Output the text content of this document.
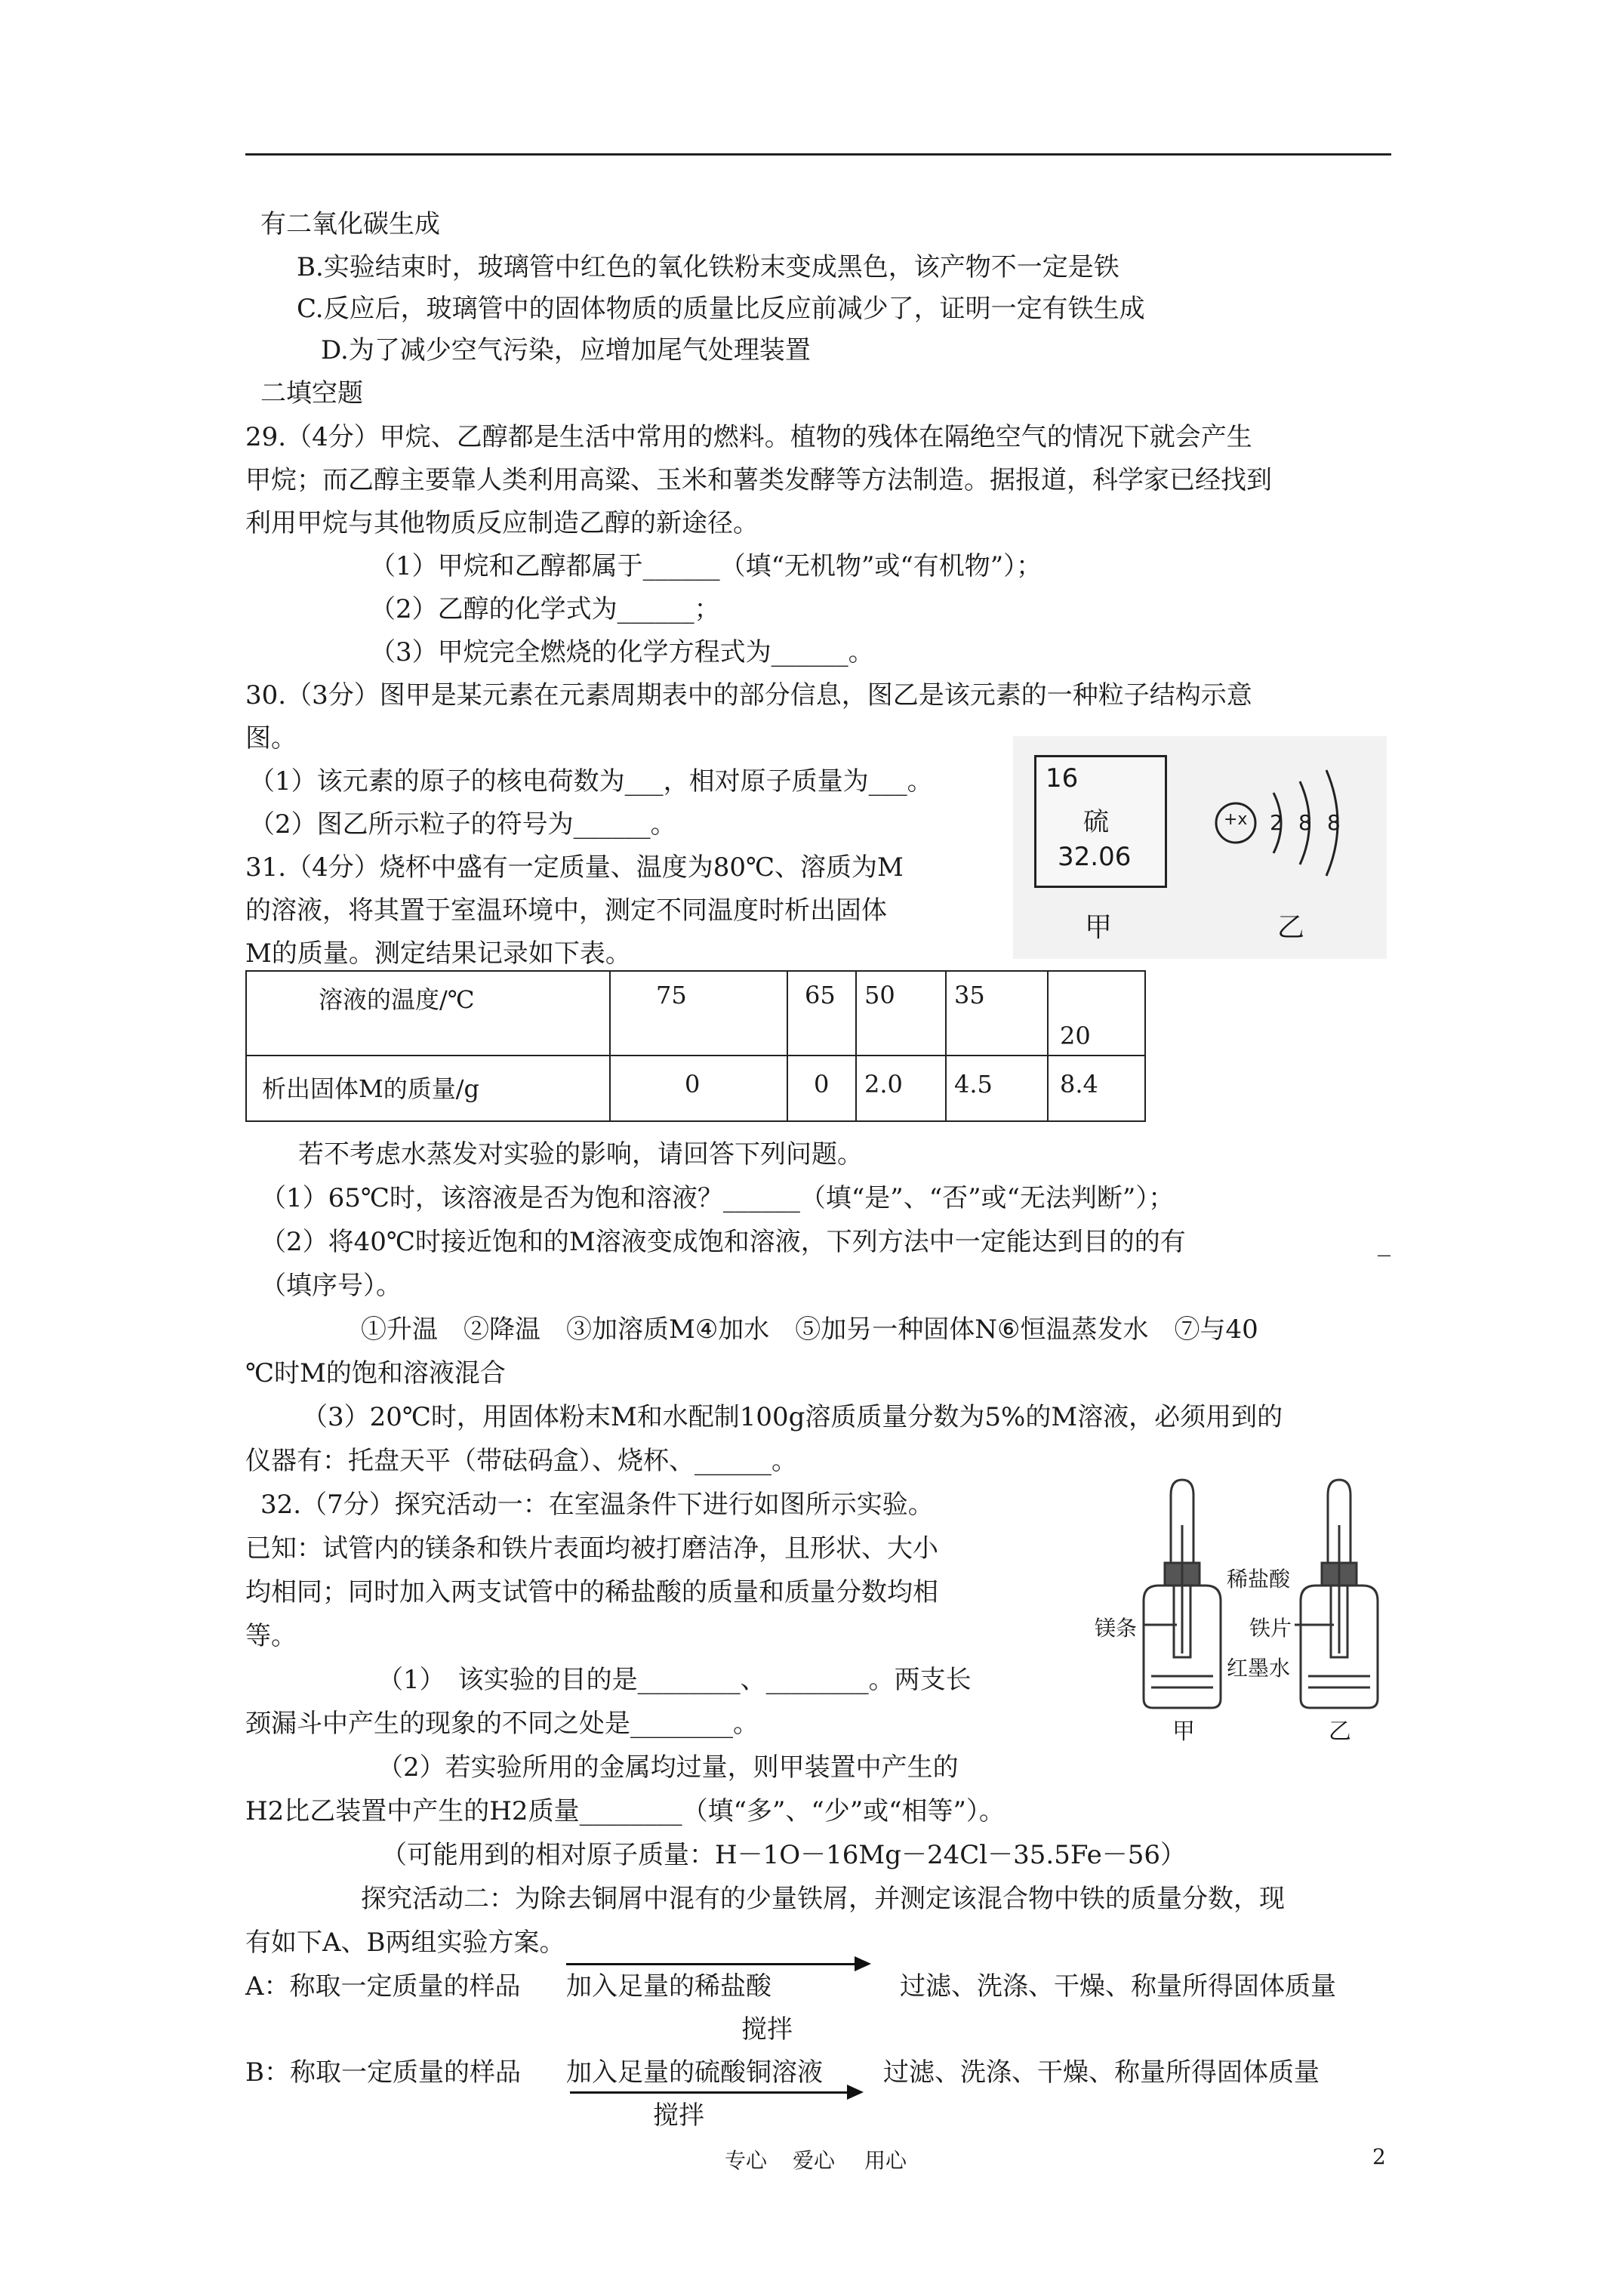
有二氧化碳生成
B.实验结束时，玻璃管中红色的氧化铁粉末变成黑色，该产物不一定是铁
C.反应后，玻璃管中的固体物质的质量比反应前减少了，证明一定有铁生成
D.为了减少空气污染，应增加尾气处理装置
二填空题
29.（4分）甲烷、乙醇都是生活中常用的燃料。植物的残体在隔绝空气的情况下就会产生
甲烷；而乙醇主要靠人类利用高粱、玉米和薯类发酵等方法制造。据报道，科学家已经找到
利用甲烷与其他物质反应制造乙醇的新途径。
（1）甲烷和乙醇都属于______（填“无机物”或“有机物”）；
（2）乙醇的化学式为______；
（3）甲烷完全燃烧的化学方程式为______。
30.（3分）图甲是某元素在元素周期表中的部分信息，图乙是该元素的一种粒子结构示意
图。
（1）该元素的原子的核电荷数为___，相对原子质量为___。
（2）图乙所示粒子的符号为______。
31.（4分）烧杯中盛有一定质量、温度为80℃、溶质为M
的溶液，将其置于室温环境中，测定不同温度时析出固体
M的质量。测定结果记录如下表。
16
硫
32.06
+x 2 8 8
甲	乙
溶液的温度/℃	75	65	50	35	20

析出固体M的质量/g	0	0	2.0	4.5	8.4
若不考虑水蒸发对实验的影响，请回答下列问题。
（1）65℃时，该溶液是否为饱和溶液？______（填“是”、“否”或“无法判断”）；
（2）将40℃时接近饱和的M溶液变成饱和溶液，下列方法中一定能达到目的的有	_
（填序号）。
①升温　②降温　③加溶质M④加水　⑤加另一种固体N⑥恒温蒸发水　⑦与40
℃时M的饱和溶液混合
（3）20℃时，用固体粉末M和水配制100g溶质质量分数为5%的M溶液，必须用到的
仪器有：托盘天平（带砝码盒）、烧杯、______。
32.（7分）探究活动一：在室温条件下进行如图所示实验。
已知：试管内的镁条和铁片表面均被打磨洁净，且形状、大小
均相同；同时加入两支试管中的稀盐酸的质量和质量分数均相
等。
（1）　该实验的目的是________、________。两支长
颈漏斗中产生的现象的不同之处是________。
（2）若实验所用的金属均过量，则甲装置中产生的
H2比乙装置中产生的H2质量________（填“多”、“少”或“相等”）。
（可能用到的相对原子质量：H－1O－16Mg－24Cl－35.5Fe－56）
探究活动二：为除去铜屑中混有的少量铁屑，并测定该混合物中铁的质量分数，现
有如下A、B两组实验方案。
稀盐酸
镁条	铁片
红墨水
甲	乙
A：称取一定质量的样品 加入足量的稀盐酸	过滤、洗涤、干燥、称量所得固体质量
搅拌
B：称取一定质量的样品 加入足量的硫酸铜溶液 过滤、洗涤、干燥、称量所得固体质量
搅拌
专心 爱心 用心	2
